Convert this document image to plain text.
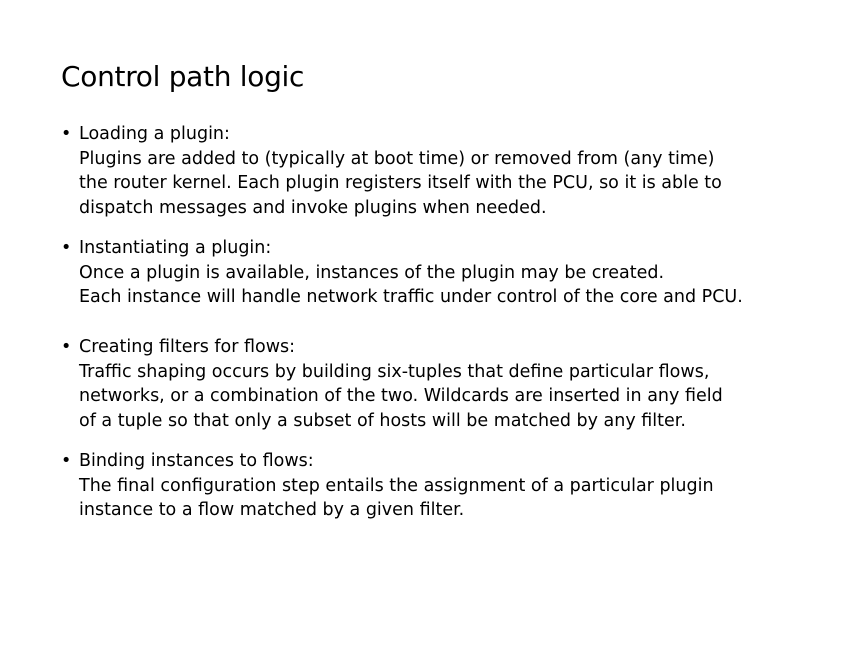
Control path logic
• Loading a plugin:
Plugins are added to (typically at boot time) or removed from (any time)
the router kernel. Each plugin registers itself with the PCU, so it is able to
dispatch messages and invoke plugins when needed.
• Instantiating a plugin:
Once a plugin is available, instances of the plugin may be created.
Each instance will handle network traffic under control of the core and PCU.
• Creating filters for flows:
Traffic shaping occurs by building six-tuples that define particular flows,
networks, or a combination of the two. Wildcards are inserted in any field
of a tuple so that only a subset of hosts will be matched by any filter.
• Binding instances to flows:
The final configuration step entails the assignment of a particular plugin
instance to a flow matched by a given filter.
